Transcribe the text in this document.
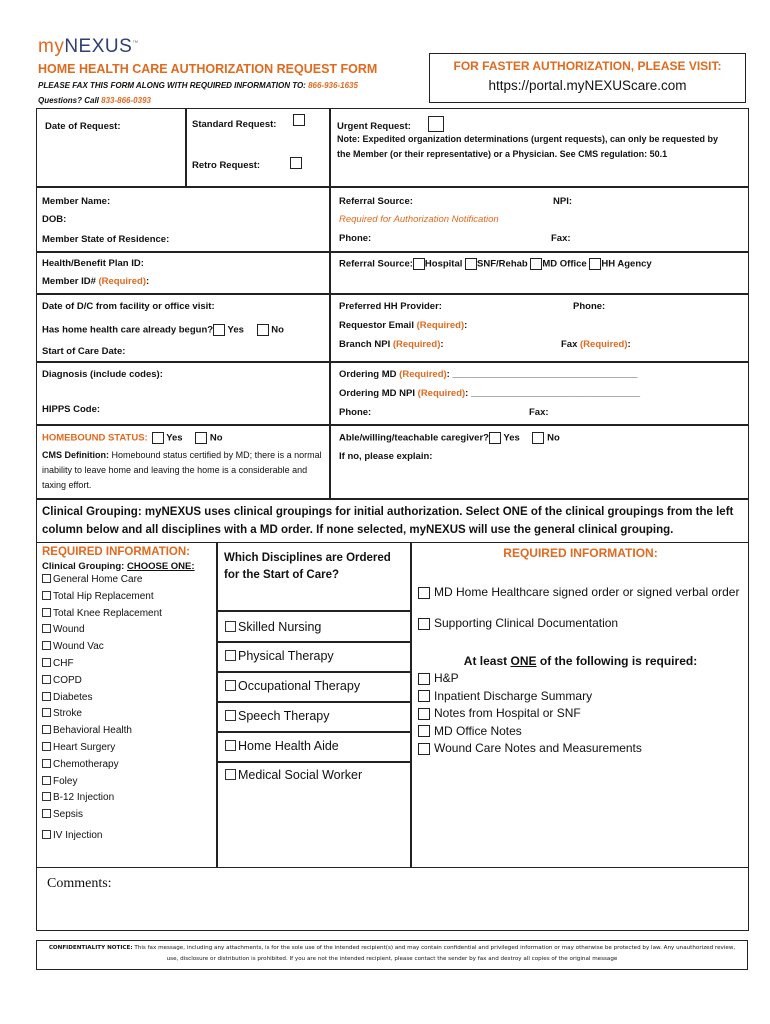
myNEXUS™
HOME HEALTH CARE AUTHORIZATION REQUEST FORM
PLEASE FAX THIS FORM ALONG WITH REQUIRED INFORMATION TO: 866-936-1635
Questions? Call 833-866-0393
FOR FASTER AUTHORIZATION, PLEASE VISIT:
https://portal.myNEXUScare.com
Date of Request:	Standard Request:
Retro Request:
Urgent Request:
Note: Expedited organization determinations (urgent requests), can only be requested by the Member (or their representative) or a Physician. See CMS regulation: 50.1
Member Name:
DOB:
Member State of Residence:
Referral Source:	NPI:
Required for Authorization Notification
Phone:	Fax:
Health/Benefit Plan ID:
Member ID# (Required):
Referral Source: Hospital SNF/Rehab MD Office HH Agency
Date of D/C from facility or office visit:
Has home health care already begun? Yes	No
Start of Care Date:
Preferred HH Provider:	Phone:
Requestor Email (Required):
Branch NPI (Required):	Fax (Required):
Diagnosis (include codes):
HIPPS Code:
Ordering MD (Required): ___________________________________
Ordering MD NPI (Required): ________________________________
Phone:	Fax:
HOMEBOUND STATUS: Yes	No
CMS Definition: Homebound status certified by MD; there is a normal inability to leave home and leaving the home is a considerable and taxing effort.
Able/willing/teachable caregiver? Yes	No
If no, please explain:
Clinical Grouping: myNEXUS uses clinical groupings for initial authorization. Select ONE of the clinical groupings from the left column below and all disciplines with a MD order. If none selected, myNEXUS will use the general clinical grouping.
REQUIRED INFORMATION:
Clinical Grouping: CHOOSE ONE:
General Home Care
Total Hip Replacement
Total Knee Replacement
Wound
Wound Vac
CHF
COPD
Diabetes
Stroke
Behavioral Health
Heart Surgery
Chemotherapy
Foley
B-12 Injection
Sepsis
IV Injection
Which Disciplines are Ordered for the Start of Care?
Skilled Nursing
Physical Therapy
Occupational Therapy
Speech Therapy
Home Health Aide
Medical Social Worker
REQUIRED INFORMATION:
MD Home Healthcare signed order or signed verbal order
Supporting Clinical Documentation
At least ONE of the following is required:
H&P
Inpatient Discharge Summary
Notes from Hospital or SNF
MD Office Notes
Wound Care Notes and Measurements
Comments:
CONFIDENTIALITY NOTICE: This fax message, including any attachments, is for the sole use of the intended recipient(s) and may contain confidential and privileged information or may otherwise be protected by law. Any unauthorized review, use, disclosure or distribution is prohibited. If you are not the intended recipient, please contact the sender by fax and destroy all copies of the original message
